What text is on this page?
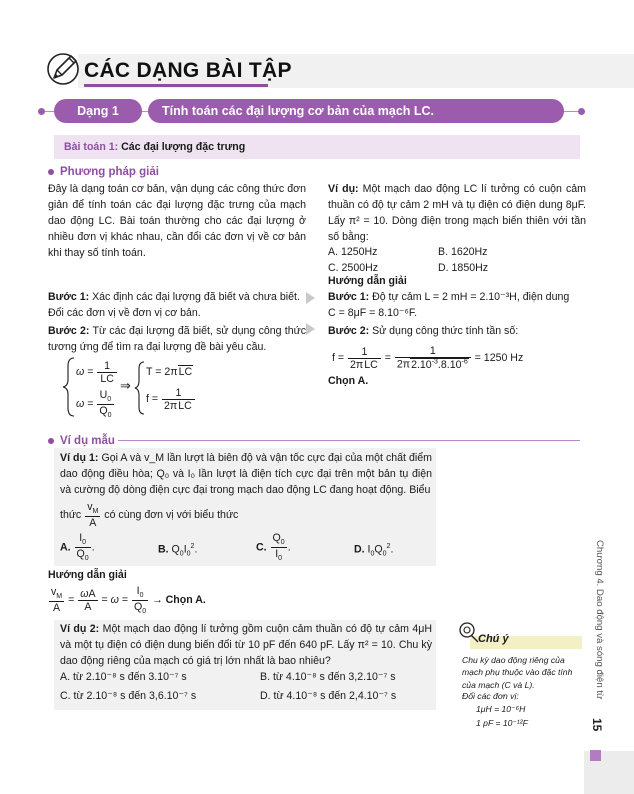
CÁC DẠNG BÀI TẬP
Dạng 1	Tính toán các đại lượng cơ bản của mạch LC.
Bài toán 1: Các đại lượng đặc trưng
Phương pháp giải
Đây là dạng toán cơ bản, vận dụng các công thức đơn giản để tính toán các đại lượng đặc trưng của mạch dao động LC. Bài toán thường cho các đại lượng ở nhiều đơn vị khác nhau, cần đổi các đơn vị về cơ bản khi thay số tính toán.
Bước 1: Xác định các đại lượng đã biết và chưa biết. Đổi các đơn vị về đơn vị cơ bản.
Bước 2: Từ các đại lượng đã biết, sử dụng công thức tương ứng để tìm ra đại lượng đề bài yêu cầu.
$\omega = \frac{1}{LC}$
$\omega = \frac{U_0}{Q_0}$
⇒
T = 2πLC
$f = \frac{1}{\text{2πLC}}$
Ví dụ: Một mạch dao động LC lí tưởng có cuộn cảm thuần có độ tự cảm 2 mH và tụ điện có điện dung 8μF. Lấy π² = 10. Dòng điện trong mạch biến thiên với tần số bằng:
A. 1250Hz	B. 1620Hz
C. 2500Hz	D. 1850Hz
Hướng dẫn giải
Bước 1: Độ tự cảm L = 2 mH = 2.10⁻³H, điện dung
C = 8μF = 8.10⁻⁶F.
Bước 2: Sử dụng công thức tính tần số:
$f = \frac{1}{\text{2πLC}} = \frac{1}{2\pi 2.10^{-3}.8.10^{-6}} = 1250$ Hz
Chọn A.
Ví dụ mẫu
Ví dụ 1: Gọi A và v_M lần lượt là biên độ và vận tốc cực đại của một chất điểm dao động điều hòa; Q₀ và I₀ lần lượt là điện tích cực đại trên một bản tụ điện và cường độ dòng điện cực đại trong mạch dao động LC đang hoạt động. Biểu
thức $\frac{v_M}{A}$ có cùng đơn vị với biểu thức
A. $\frac{I_0}{Q_0}$ .	B. $Q_0I_0^2$.	C. $\frac{Q_0}{I_0}$ .	D. $I_0Q_0^2$.
Hướng dẫn giải
$\frac{v_M}{A} = \frac{\omega A}{A} = \omega = \frac{I_0}{Q_0}$ → Chọn A.
Ví dụ 2: Một mạch dao động lí tưởng gồm cuộn cảm thuần có độ tự cảm 4μH và một tụ điện có điện dung biến đổi từ 10 pF đến 640 pF. Lấy π² = 10. Chu kỳ dao động riêng của mạch có giá trị lớn nhất là bao nhiêu?
A. từ 2.10⁻⁸ s đến 3.10⁻⁷ s	B. từ 4.10⁻⁸ s đến 3,2.10⁻⁷ s
C. từ 2.10⁻⁸ s đến 3,6.10⁻⁷ s	D. từ 4.10⁻⁸ s đến 2,4.10⁻⁷ s
Chú ý
Chu kỳ dao động riêng của mạch phụ thuộc vào đặc tính của mạch (C và L).
Đổi các đơn vị:
1μH = 10⁻⁶H
1 pF = 10⁻¹²F
Chương 4. Dao động và sóng điện từ
15
